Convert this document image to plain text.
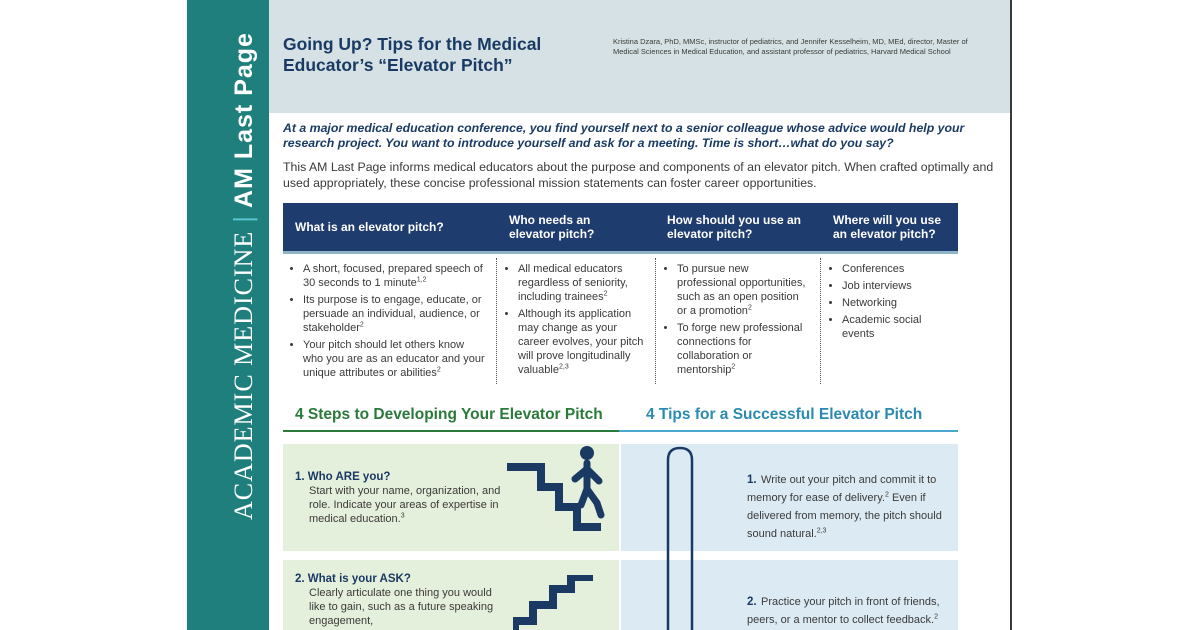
ACADEMIC MEDICINE
|
AM Last Page Going Up? Tips for the Medical Educator’s “Elevator Pitch”
Kristina Dzara, PhD, MMSc, instructor of pediatrics, and Jennifer Kesselheim, MD, MEd, director, Master of Medical Sciences in Medical Education, and assistant professor of pediatrics, Harvard Medical School
At a major medical education conference, you find yourself next to a senior colleague whose advice would help your research project. You want to introduce yourself and ask for a meeting. Time is short…what do you say?
This AM Last Page informs medical educators about the purpose and components of an elevator pitch. When crafted optimally and used appropriately, these concise professional mission statements can foster career opportunities.
What is an elevator pitch?	Who needs an elevator pitch?
How should you use an elevator pitch?
Where will you use an elevator pitch?
• A short, focused, prepared speech of 30 seconds to 1 minute$^{1,2}$
• Its purpose is to engage, educate, or persuade an individual, audience, or stakeholder$^2$
• Your pitch should let others know who you are as an educator and your unique attributes or abilities$^2$
• All medical educators regardless of seniority, including trainees$^2$
• Although its application may change as your career evolves, your pitch will prove longitudinally valuable$^{2,3}$
• To pursue new professional opportunities, such as an open position or a promotion$^2$
• To forge new professional connections for collaboration or mentorship$^2$
• Conferences
• Job interviews
• Networking
• Academic social events
4 Steps to Developing Your Elevator Pitch	4 Tips for a Successful Elevator Pitch
1. Who ARE you?
Start with your name, organization, and role. Indicate your areas of expertise in medical education.$^3$
2. What is your ASK?
Clearly articulate one thing you would like to gain, such as a future speaking engagement,
1. Write out your pitch and commit it to memory for ease of delivery.$^2$ Even if delivered from memory, the pitch should sound natural.$^{2,3}$
2. Practice your pitch in front of friends, peers, or a mentor to collect feedback.$^2$
